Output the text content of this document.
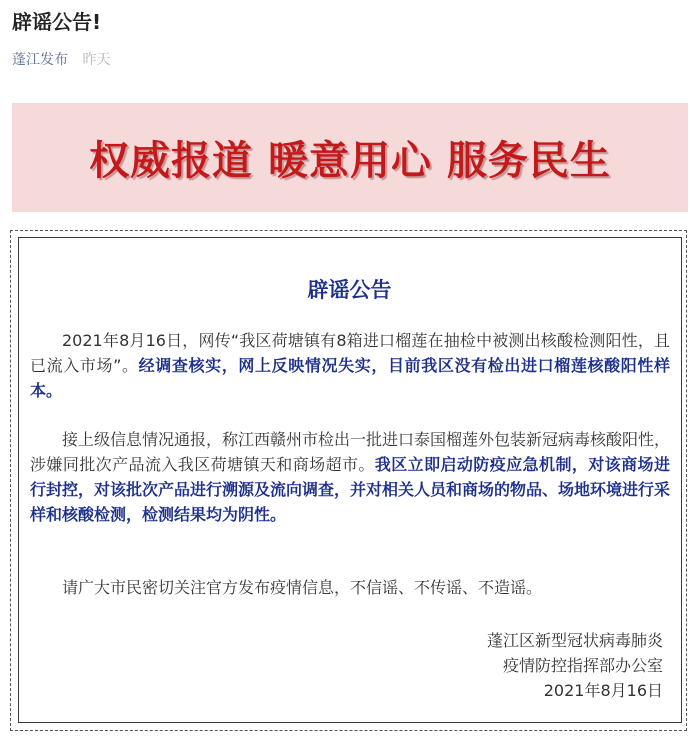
辟谣公告!
蓬江发布 昨天
权威报道 暖意用心 服务民生
辟谣公告

2021年8月16日，网传“我区荷塘镇有8箱进口榴莲在抽检中被测出核酸检测阳性，且已流入市场”。经调查核实，网上反映情况失实，目前我区没有检出进口榴莲核酸阳性样本。

接上级信息情况通报，称江西赣州市检出一批进口泰国榴莲外包装新冠病毒核酸阳性，涉嫌同批次产品流入我区荷塘镇天和商场超市。我区立即启动防疫应急机制，对该商场进行封控，对该批次产品进行溯源及流向调查，并对相关人员和商场的物品、场地环境进行采样和核酸检测，检测结果均为阴性。

请广大市民密切关注官方发布疫情信息，不信谣、不传谣、不造谣。

蓬江区新型冠状病毒肺炎
疫情防控指挥部办公室
2021年8月16日
